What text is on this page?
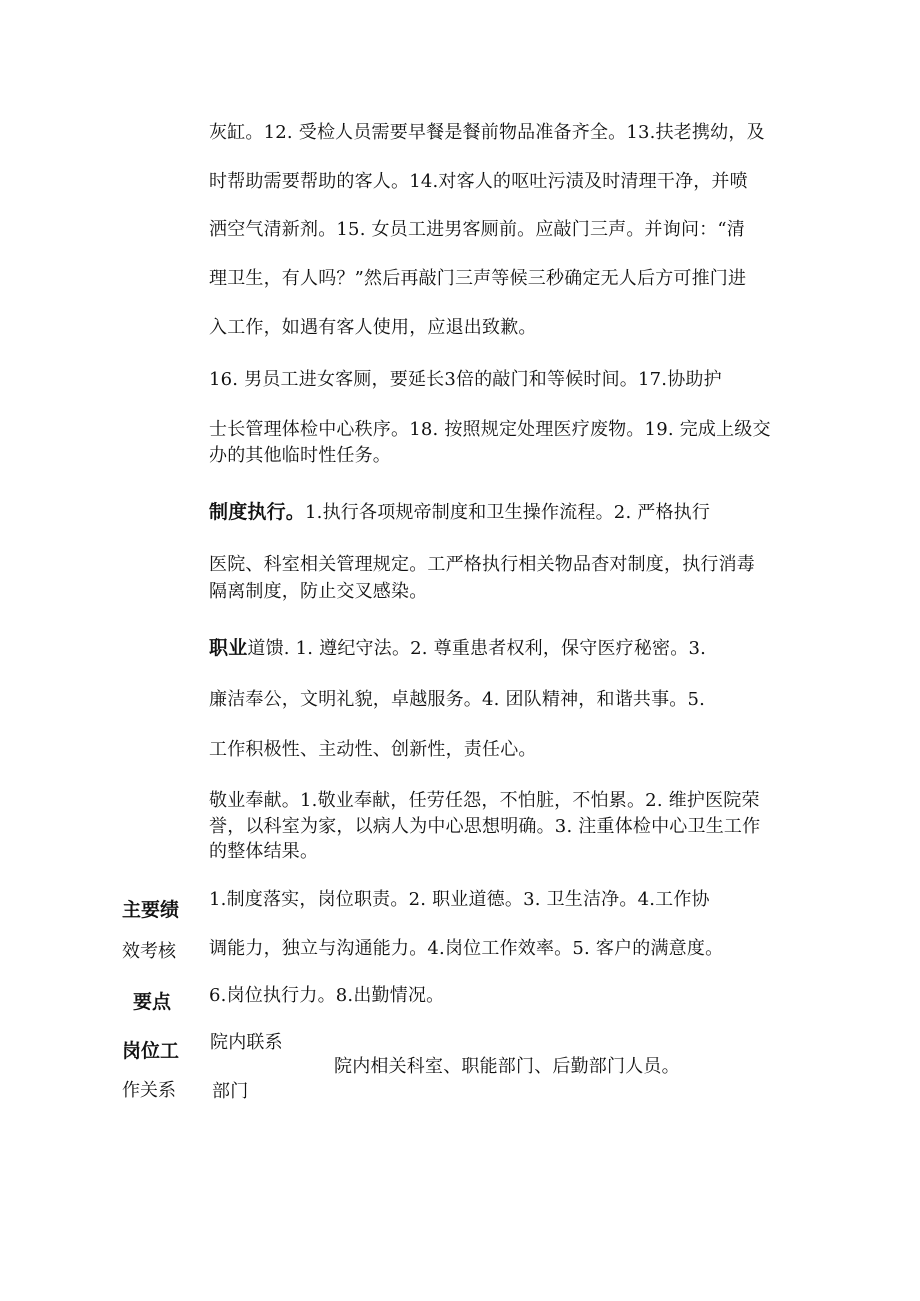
灰缸。12. 受检人员需要早餐是餐前物品准备齐全。13.扶老携幼，及
时帮助需要帮助的客人。14.对客人的呕吐污渍及时清理干净，并喷
洒空气清新剂。15. 女员工进男客厕前。应敲门三声。并询问：“清
理卫生，有人吗？”然后再敲门三声等候三秒确定无人后方可推门进
入工作，如遇有客人使用，应退出致歉。
16. 男员工进女客厕，要延长3倍的敲门和等候时间。17.协助护
士长管理体检中心秩序。18. 按照规定处理医疗废物。19. 完成上级交
办的其他临时性任务。
制度执行。1.执行各项规帝制度和卫生操作流程。2. 严格执行
医院、科室相关管理规定。工严格执行相关物品杳对制度，执行消毒
隔离制度，防止交叉感染。
职业道馈. 1. 遵纪守法。2. 尊重患者权利，保守医疗秘密。3.
廉洁奉公，文明礼貌，卓越服务。4. 团队精神，和谐共事。5.
工作积极性、主动性、创新性，责任心。
敬业奉献。1.敬业奉献，任劳任怨，不怕脏，不怕累。2. 维护医院荣
誉，以科室为家，以病人为中心思想明确。3. 注重体检中心卫生工作
的整体结果。
主要绩
效考核
要点
1.制度落实，岗位职责。2. 职业道德。3. 卫生洁净。4.工作协
调能力，独立与沟通能力。4.岗位工作效率。5. 客户的满意度。
6.岗位执行力。8.出勤情况。
岗位工
作关系
院内联系
部门
院内相关科室、职能部门、后勤部门人员。
